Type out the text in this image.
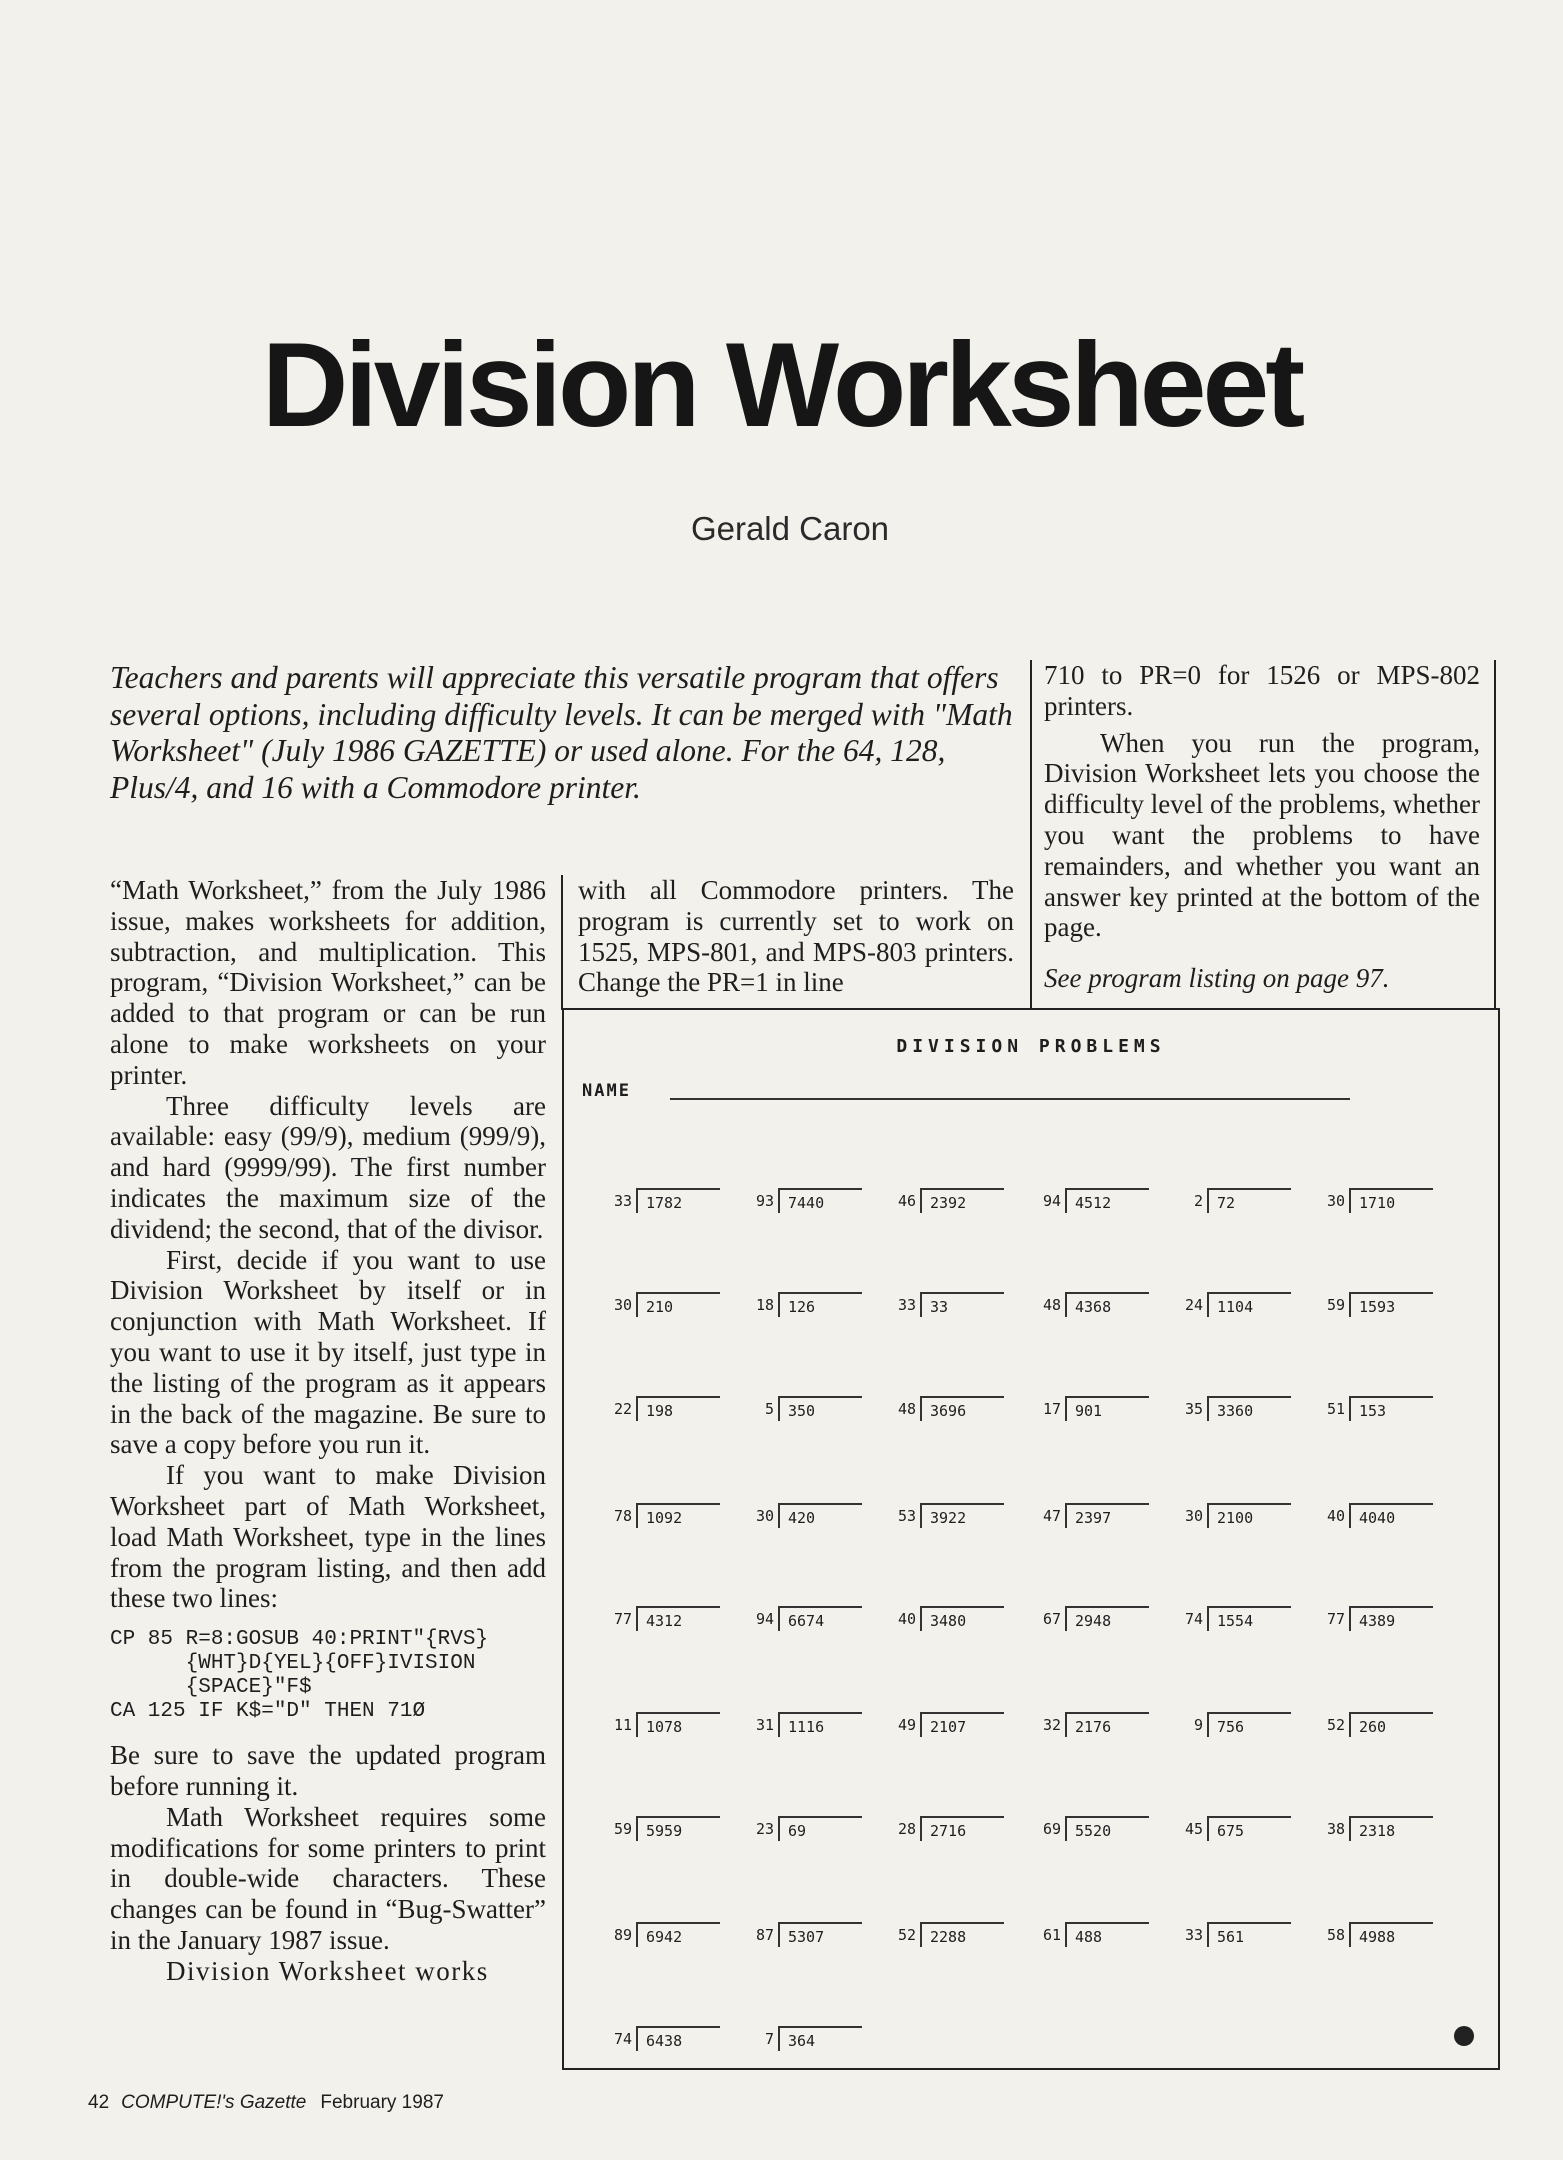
Division Worksheet
Gerald Caron
Teachers and parents will appreciate this versatile program that offers several options, including difficulty levels. It can be merged with "Math Worksheet" (July 1986 GAZETTE) or used alone. For the 64, 128, Plus/4, and 16 with a Commodore printer.

“Math Worksheet,” from the July 1986 issue, makes worksheets for addition, subtraction, and multiplication. This program, “Division Worksheet,” can be added to that program or can be run alone to make worksheets on your printer.

Three difficulty levels are available: easy (99/9), medium (999/9), and hard (9999/99). The first number indicates the maximum size of the dividend; the second, that of the divisor.

First, decide if you want to use Division Worksheet by itself or in conjunction with Math Worksheet. If you want to use it by itself, just type in the listing of the program as it appears in the back of the magazine. Be sure to save a copy before you run it.

If you want to make Division Worksheet part of Math Worksheet, load Math Worksheet, type in the lines from the program listing, and then add these two lines:

CP 85 R=8:GOSUB 40:PRINT"{RVS}
{WHT}D{YEL}{OFF}IVISION
{SPACE}"F$
CA 125 IF K$="D" THEN 71Ø

Be sure to save the updated program before running it.

Math Worksheet requires some modifications for some printers to print in double-wide characters. These changes can be found in “Bug-Swatter” in the January 1987 issue.

Division Worksheet works

with all Commodore printers. The program is currently set to work on 1525, MPS-801, and MPS-803 printers. Change the PR=1 in line

710 to PR=0 for 1526 or MPS-802 printers.

When you run the program, Division Worksheet lets you choose the difficulty level of the problems, whether you want the problems to have remainders, and whether you want an answer key printed at the bottom of the page.

See program listing on page 97.

DIVISION PROBLEMS
NAME
33 1782	93 7440	46 2392	94 4512	2 72	30 1710
30 210	18 126	33 33	48 4368	24 1104	59 1593
22 198	5 350	48 3696	17 901	35 3360	51 153
78 1092	30 420	53 3922	47 2397	30 2100	40 4040
77 4312	94 6674	40 3480	67 2948	74 1554	77 4389
11 1078	31 1116	49 2107	32 2176	9 756	52 260
59 5959	23 69	28 2716	69 5520	45 675	38 2318
89 6942	87 5307	52 2288	61 488	33 561	58 4988
74 6438	7 364
42 COMPUTE!'s Gazette February 1987
